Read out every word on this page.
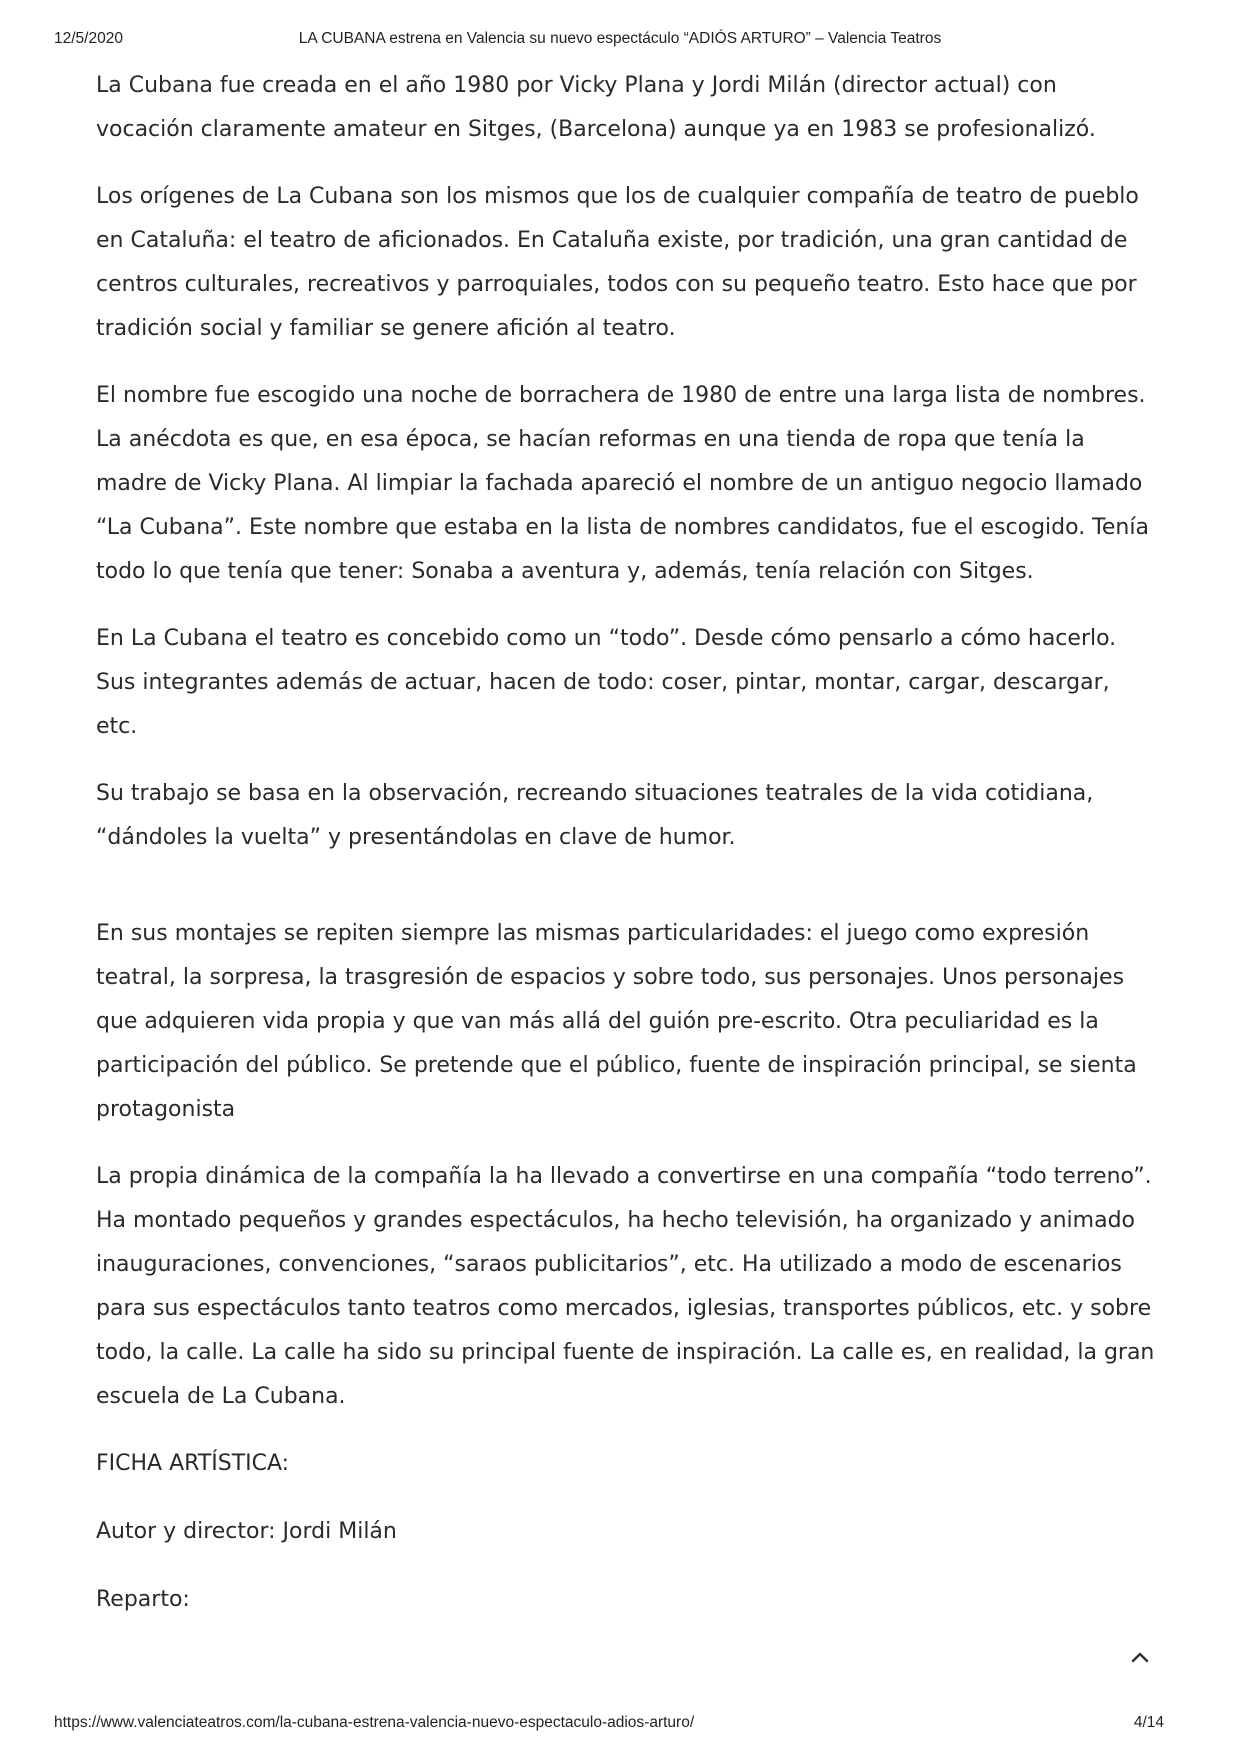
12/5/2020	LA CUBANA estrena en Valencia su nuevo espectáculo “ADIÓS ARTURO” – Valencia Teatros

La Cubana fue creada en el año 1980 por Vicky Plana y Jordi Milán (director actual) con vocación claramente amateur en Sitges, (Barcelona) aunque ya en 1983 se profesionalizó.

Los orígenes de La Cubana son los mismos que los de cualquier compañía de teatro de pueblo en Cataluña: el teatro de aficionados. En Cataluña existe, por tradición, una gran cantidad de centros culturales, recreativos y parroquiales, todos con su pequeño teatro. Esto hace que por tradición social y familiar se genere afición al teatro.

El nombre fue escogido una noche de borrachera de 1980 de entre una larga lista de nombres. La anécdota es que, en esa época, se hacían reformas en una tienda de ropa que tenía la madre de Vicky Plana. Al limpiar la fachada apareció el nombre de un antiguo negocio llamado “La Cubana”. Este nombre que estaba en la lista de nombres candidatos, fue el escogido. Tenía todo lo que tenía que tener: Sonaba a aventura y, además, tenía relación con Sitges.

En La Cubana el teatro es concebido como un “todo”. Desde cómo pensarlo a cómo hacerlo. Sus integrantes además de actuar, hacen de todo: coser, pintar, montar, cargar, descargar, etc.

Su trabajo se basa en la observación, recreando situaciones teatrales de la vida cotidiana, “dándoles la vuelta” y presentándolas en clave de humor.

En sus montajes se repiten siempre las mismas particularidades: el juego como expresión teatral, la sorpresa, la trasgresión de espacios y sobre todo, sus personajes. Unos personajes que adquieren vida propia y que van más allá del guión pre-escrito. Otra peculiaridad es la participación del público. Se pretende que el público, fuente de inspiración principal, se sienta protagonista

La propia dinámica de la compañía la ha llevado a convertirse en una compañía “todo terreno”. Ha montado pequeños y grandes espectáculos, ha hecho televisión, ha organizado y animado inauguraciones, convenciones, “saraos publicitarios”, etc. Ha utilizado a modo de escenarios para sus espectáculos tanto teatros como mercados, iglesias, transportes públicos, etc. y sobre todo, la calle. La calle ha sido su principal fuente de inspiración. La calle es, en realidad, la gran escuela de La Cubana.

FICHA ARTÍSTICA:

Autor y director: Jordi Milán

Reparto:

https://www.valenciateatros.com/la-cubana-estrena-valencia-nuevo-espectaculo-adios-arturo/	4/14
